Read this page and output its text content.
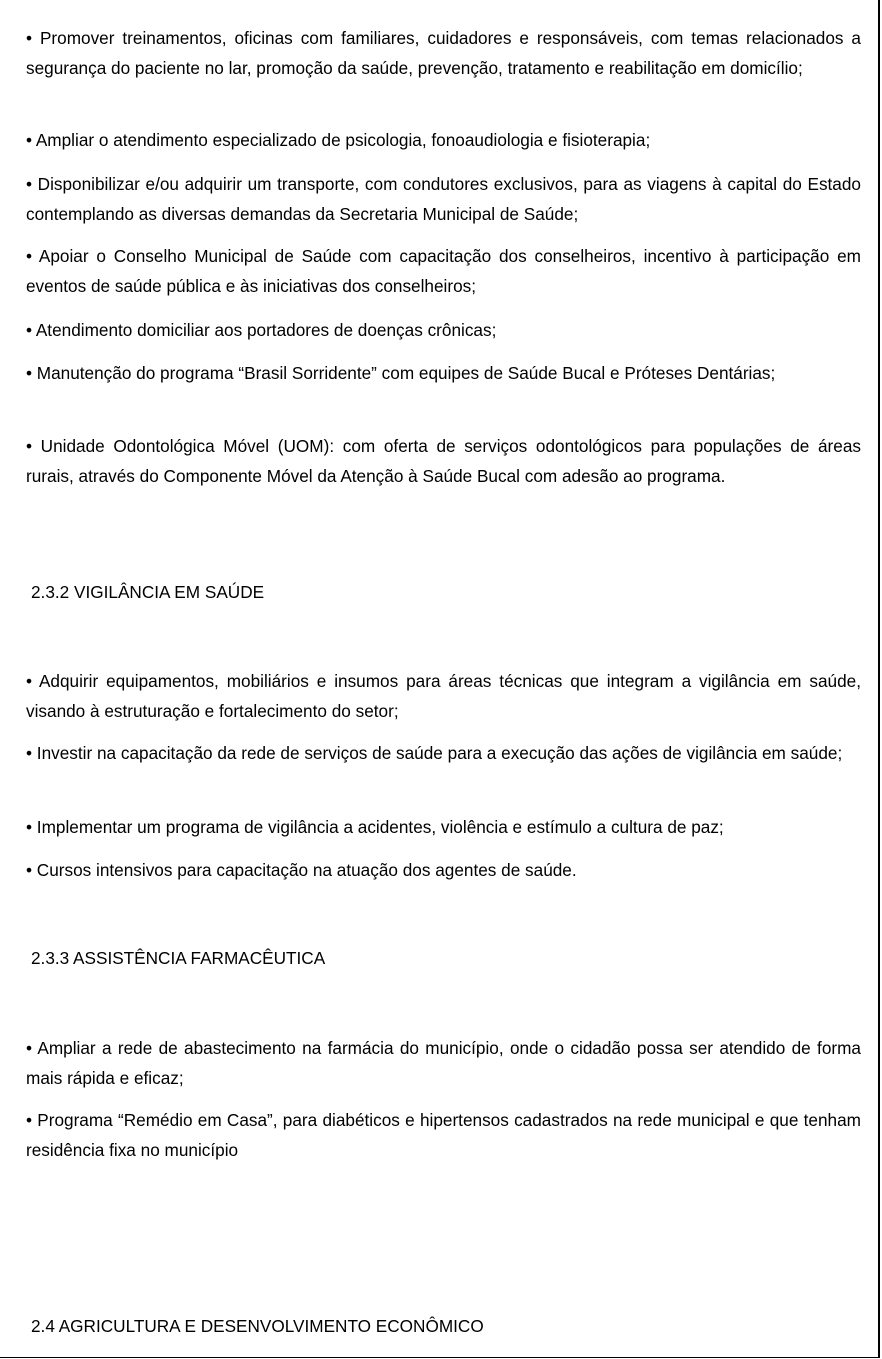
• Promover treinamentos, oficinas com familiares, cuidadores e responsáveis, com temas relacionados a segurança do paciente no lar, promoção da saúde, prevenção, tratamento e reabilitação em domicílio;

• Ampliar o atendimento especializado de psicologia, fonoaudiologia e fisioterapia;

• Disponibilizar e/ou adquirir um transporte, com condutores exclusivos, para as viagens à capital do Estado contemplando as diversas demandas da Secretaria Municipal de Saúde;

• Apoiar o Conselho Municipal de Saúde com capacitação dos conselheiros, incentivo à participação em eventos de saúde pública e às iniciativas dos conselheiros;

• Atendimento domiciliar aos portadores de doenças crônicas;

• Manutenção do programa “Brasil Sorridente” com equipes de Saúde Bucal e Próteses Dentárias;

• Unidade Odontológica Móvel (UOM): com oferta de serviços odontológicos para populações de áreas rurais, através do Componente Móvel da Atenção à Saúde Bucal com adesão ao programa.

2.3.2 VIGILÂNCIA EM SAÚDE

• Adquirir equipamentos, mobiliários e insumos para áreas técnicas que integram a vigilância em saúde, visando à estruturação e fortalecimento do setor;

• Investir na capacitação da rede de serviços de saúde para a execução das ações de vigilância em saúde;

• Implementar um programa de vigilância a acidentes, violência e estímulo a cultura de paz;

• Cursos intensivos para capacitação na atuação dos agentes de saúde.

2.3.3 ASSISTÊNCIA FARMACÊUTICA

• Ampliar a rede de abastecimento na farmácia do município, onde o cidadão possa ser atendido de forma mais rápida e eficaz;

• Programa “Remédio em Casa”, para diabéticos e hipertensos cadastrados na rede municipal e que tenham residência fixa no município

2.4 AGRICULTURA E DESENVOLVIMENTO ECONÔMICO
